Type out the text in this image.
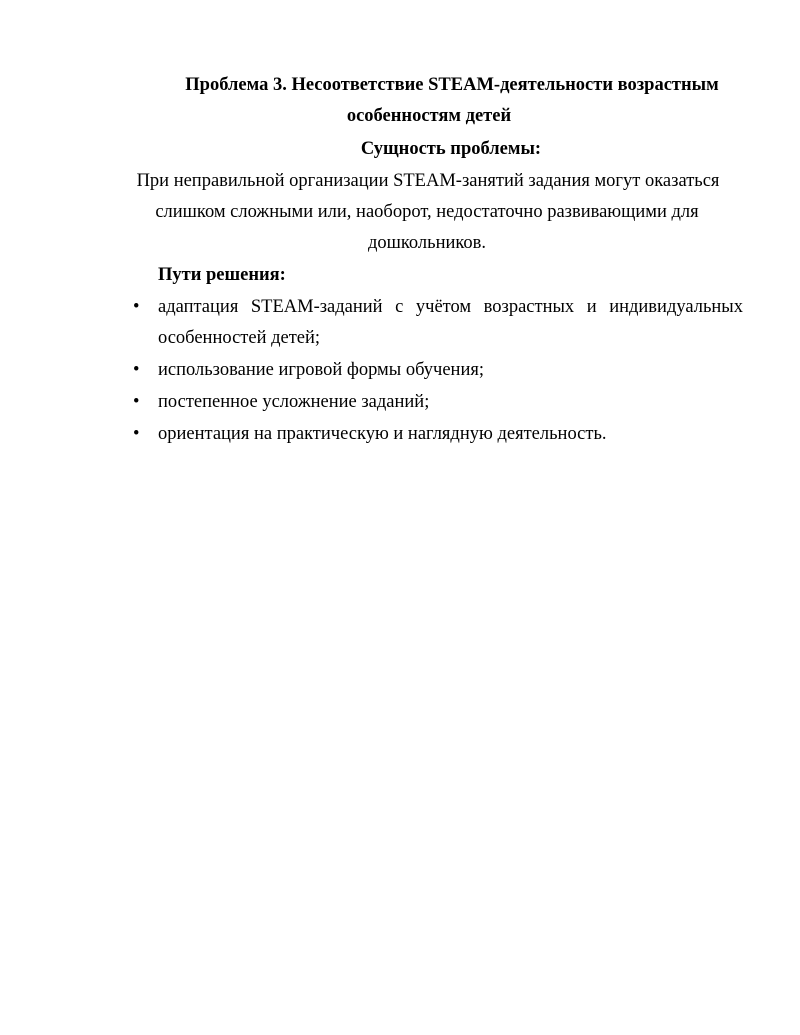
Проблема 3. Несоответствие STEAM-деятельности возрастным
особенностям детей
Сущность проблемы:
При неправильной организации STEAM-занятий задания могут оказаться
слишком сложными или, наоборот, недостаточно развивающими для
дошкольников.
Пути решения:
• адаптация STEAM-заданий с учётом возрастных и индивидуальных
особенностей детей;
• использование игровой формы обучения;
• постепенное усложнение заданий;
• ориентация на практическую и наглядную деятельность.
